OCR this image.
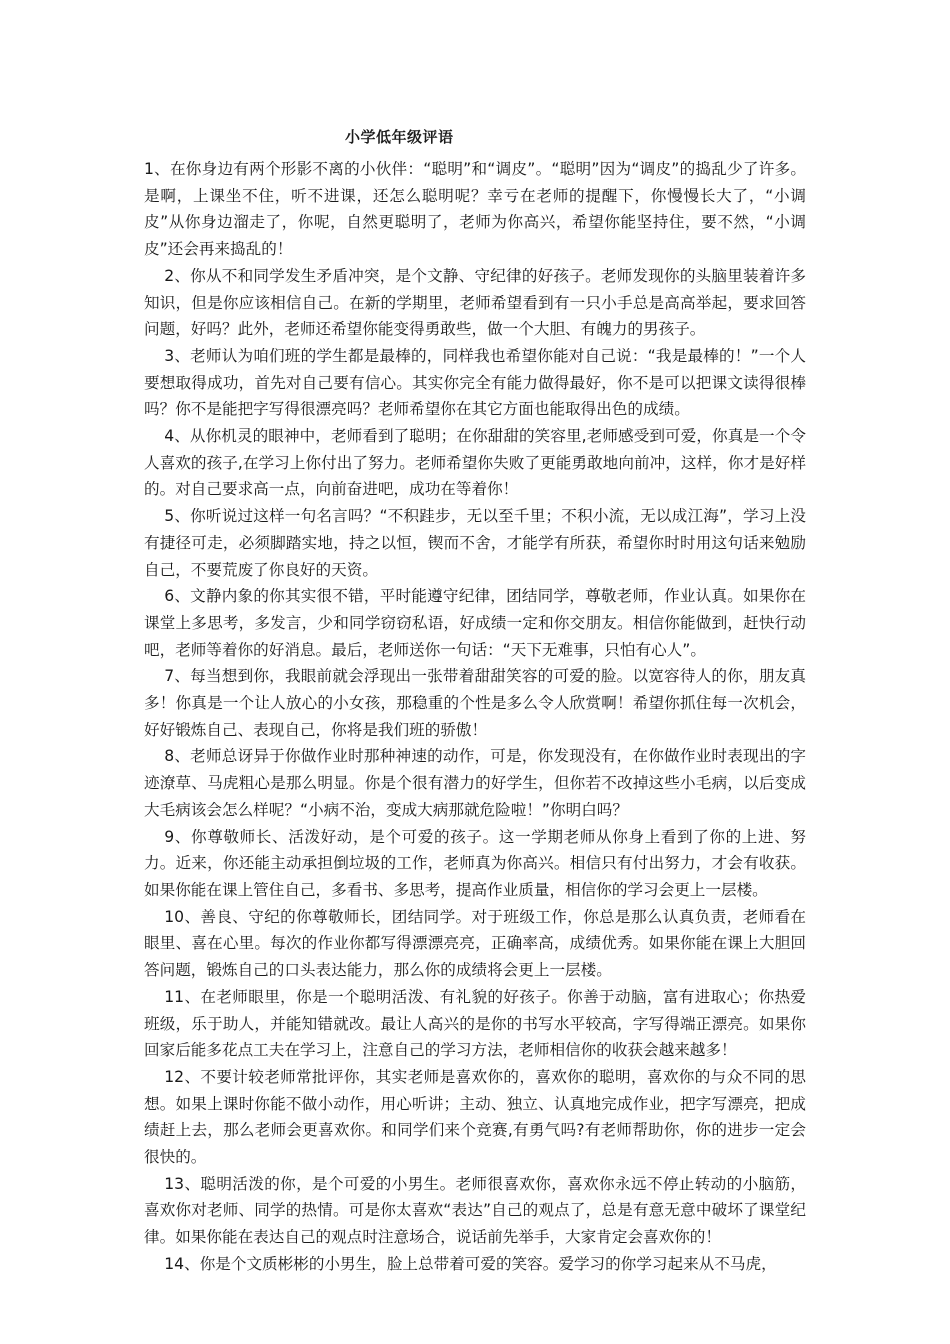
小学低年级评语

1、在你身边有两个形影不离的小伙伴：“聪明”和“调皮”。“聪明”因为“调皮”的捣乱少了许多。是啊，上课坐不住，听不进课，还怎么聪明呢？幸亏在老师的提醒下，你慢慢长大了，“小调皮”从你身边溜走了，你呢，自然更聪明了，老师为你高兴，希望你能坚持住，要不然，“小调皮”还会再来捣乱的！

2、你从不和同学发生矛盾冲突，是个文静、守纪律的好孩子。老师发现你的头脑里装着许多知识，但是你应该相信自己。在新的学期里，老师希望看到有一只小手总是高高举起，要求回答问题，好吗？此外，老师还希望你能变得勇敢些，做一个大胆、有魄力的男孩子。

3、老师认为咱们班的学生都是最棒的，同样我也希望你能对自己说：“我是最棒的！”一个人要想取得成功，首先对自己要有信心。其实你完全有能力做得最好，你不是可以把课文读得很棒吗？你不是能把字写得很漂亮吗？老师希望你在其它方面也能取得出色的成绩。

4、从你机灵的眼神中，老师看到了聪明；在你甜甜的笑容里,老师感受到可爱，你真是一个令人喜欢的孩子,在学习上你付出了努力。老师希望你失败了更能勇敢地向前冲，这样，你才是好样的。对自己要求高一点，向前奋进吧，成功在等着你！

5、你听说过这样一句名言吗？“不积跬步，无以至千里；不积小流，无以成江海”，学习上没有捷径可走，必须脚踏实地，持之以恒，锲而不舍，才能学有所获，希望你时时用这句话来勉励自己，不要荒废了你良好的天资。

6、文静内象的你其实很不错，平时能遵守纪律，团结同学，尊敬老师，作业认真。如果你在课堂上多思考，多发言，少和同学窃窃私语，好成绩一定和你交朋友。相信你能做到，赶快行动吧，老师等着你的好消息。最后，老师送你一句话：“天下无难事，只怕有心人”。

7、每当想到你，我眼前就会浮现出一张带着甜甜笑容的可爱的脸。以宽容待人的你，朋友真多！你真是一个让人放心的小女孩，那稳重的个性是多么令人欣赏啊！希望你抓住每一次机会，好好锻炼自己、表现自己，你将是我们班的骄傲！

8、老师总讶异于你做作业时那种神速的动作，可是，你发现没有，在你做作业时表现出的字迹潦草、马虎粗心是那么明显。你是个很有潜力的好学生，但你若不改掉这些小毛病，以后变成大毛病该会怎么样呢？“小病不治，变成大病那就危险啦！”你明白吗？

9、你尊敬师长、活泼好动，是个可爱的孩子。这一学期老师从你身上看到了你的上进、努力。近来，你还能主动承担倒垃圾的工作，老师真为你高兴。相信只有付出努力，才会有收获。如果你能在课上管住自己，多看书、多思考，提高作业质量，相信你的学习会更上一层楼。

10、善良、守纪的你尊敬师长，团结同学。对于班级工作，你总是那么认真负责，老师看在眼里、喜在心里。每次的作业你都写得漂漂亮亮，正确率高，成绩优秀。如果你能在课上大胆回答问题，锻炼自己的口头表达能力，那么你的成绩将会更上一层楼。

11、在老师眼里，你是一个聪明活泼、有礼貌的好孩子。你善于动脑，富有进取心；你热爱班级，乐于助人，并能知错就改。最让人高兴的是你的书写水平较高，字写得端正漂亮。如果你回家后能多花点工夫在学习上，注意自己的学习方法，老师相信你的收获会越来越多！

12、不要计较老师常批评你，其实老师是喜欢你的，喜欢你的聪明，喜欢你的与众不同的思想。如果上课时你能不做小动作，用心听讲；主动、独立、认真地完成作业，把字写漂亮，把成绩赶上去，那么老师会更喜欢你。和同学们来个竞赛,有勇气吗?有老师帮助你，你的进步一定会很快的。

13、聪明活泼的你，是个可爱的小男生。老师很喜欢你，喜欢你永远不停止转动的小脑筋，喜欢你对老师、同学的热情。可是你太喜欢“表达”自己的观点了，总是有意无意中破坏了课堂纪律。如果你能在表达自己的观点时注意场合，说话前先举手，大家肯定会喜欢你的！

14、你是个文质彬彬的小男生，脸上总带着可爱的笑容。爱学习的你学习起来从不马虎，
